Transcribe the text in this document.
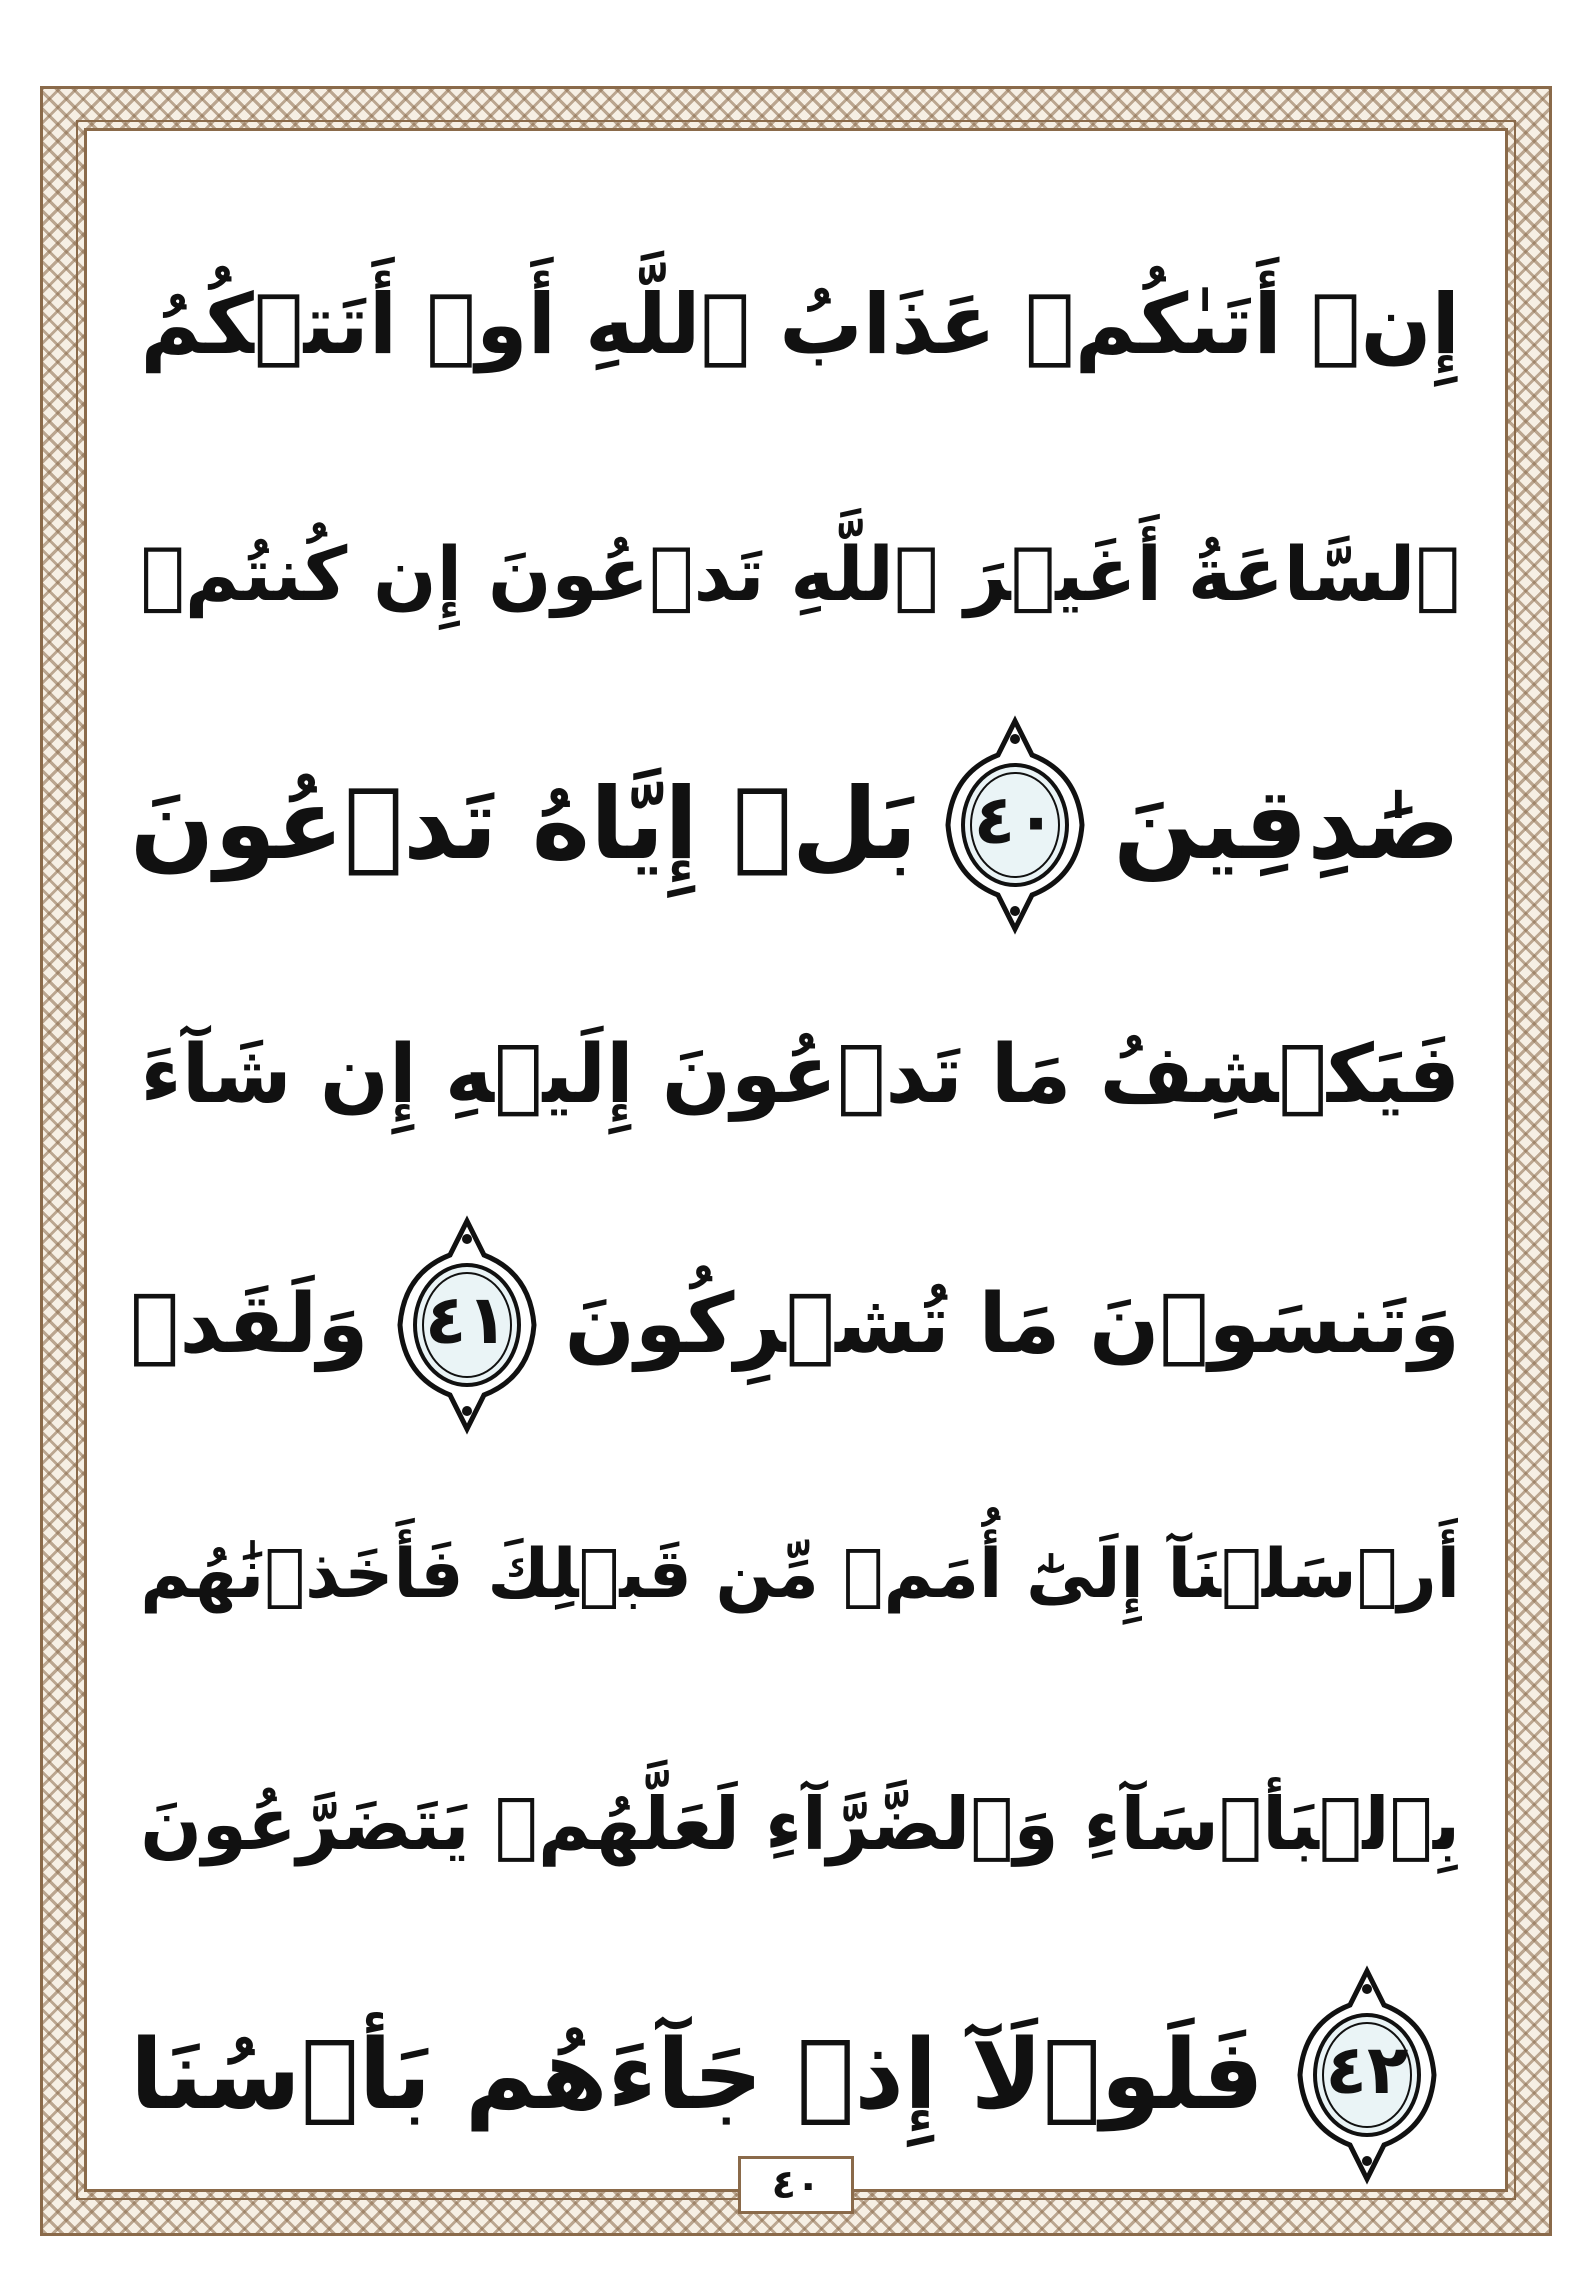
إِنۡ أَتَىٰكُمۡ عَذَابُ ٱللَّهِ أَوۡ أَتَتۡكُمُ
ٱلسَّاعَةُ أَغَيۡرَ ٱللَّهِ تَدۡعُونَ إِن كُنتُمۡ
صَٰدِقِينَ
٤٠
بَلۡ إِيَّاهُ تَدۡعُونَ
فَيَكۡشِفُ مَا تَدۡعُونَ إِلَيۡهِ إِن شَآءَ
وَتَنسَوۡنَ مَا تُشۡرِكُونَ
٤١
وَلَقَدۡ
أَرۡسَلۡنَآ إِلَىٰٓ أُمَمٖ مِّن قَبۡلِكَ فَأَخَذۡنَٰهُم
بِٱلۡبَأۡسَآءِ وَٱلضَّرَّآءِ لَعَلَّهُمۡ يَتَضَرَّعُونَ
٤٢
فَلَوۡلَآ إِذۡ جَآءَهُم بَأۡسُنَا
٤٠
